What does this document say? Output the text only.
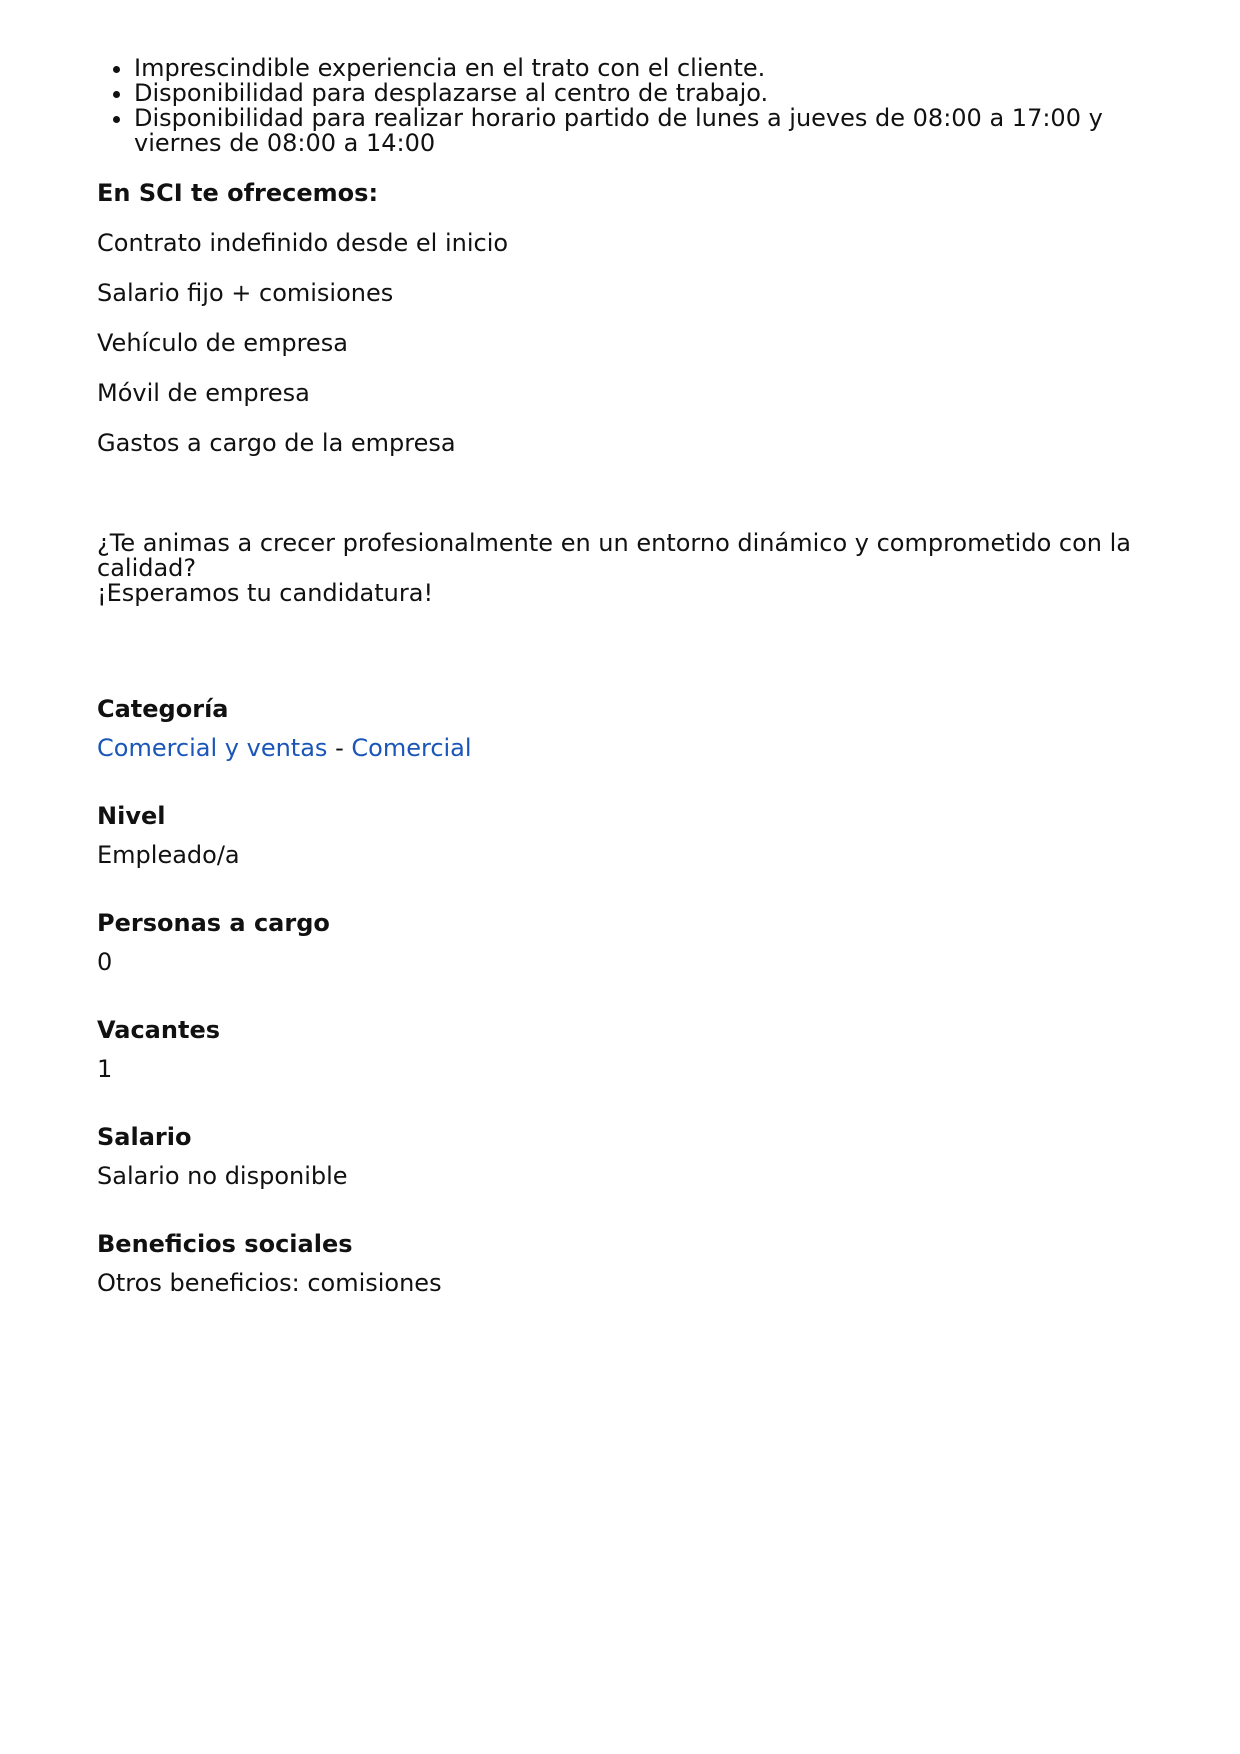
• Imprescindible experiencia en el trato con el cliente.
• Disponibilidad para desplazarse al centro de trabajo.
• Disponibilidad para realizar horario partido de lunes a jueves de 08:00 a 17:00 y viernes de 08:00 a 14:00
En SCI te ofrecemos:
Contrato indefinido desde el inicio
Salario fijo + comisiones
Vehículo de empresa
Móvil de empresa
Gastos a cargo de la empresa
¿Te animas a crecer profesionalmente en un entorno dinámico y comprometido con la calidad?
¡Esperamos tu candidatura!
Categoría
Comercial y ventas - Comercial
Nivel
Empleado/a
Personas a cargo
0
Vacantes
1
Salario
Salario no disponible
Beneficios sociales
Otros beneficios: comisiones
